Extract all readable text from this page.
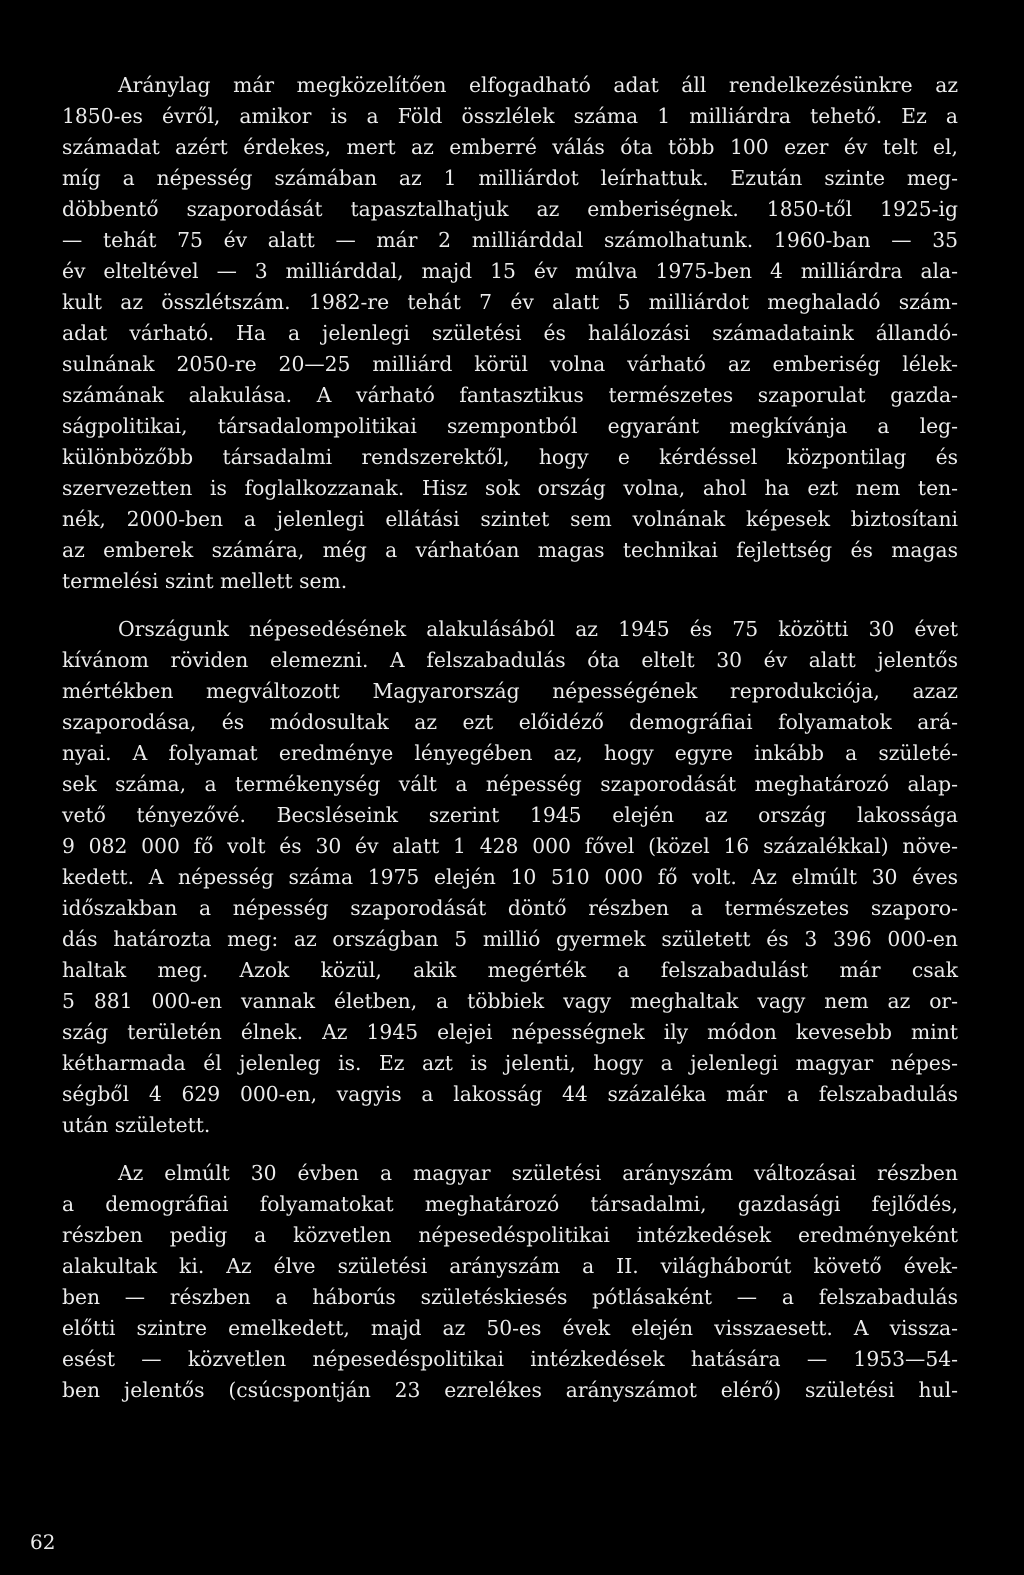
Aránylag már megközelítően elfogadható adat áll rendelkezésünkre az
1850-es évről, amikor is a Föld összlélek száma 1 milliárdra tehető. Ez a
számadat azért érdekes, mert az emberré válás óta több 100 ezer év telt el,
míg a népesség számában az 1 milliárdot leírhattuk. Ezután szinte meg-
döbbentő szaporodását tapasztalhatjuk az emberiségnek. 1850-től 1925-ig
— tehát 75 év alatt — már 2 milliárddal számolhatunk. 1960-ban — 35
év elteltével — 3 milliárddal, majd 15 év múlva 1975-ben 4 milliárdra ala-
kult az összlétszám. 1982-re tehát 7 év alatt 5 milliárdot meghaladó szám-
adat várható. Ha a jelenlegi születési és halálozási számadataink állandó-
sulnának 2050-re 20—25 milliárd körül volna várható az emberiség lélek-
számának alakulása. A várható fantasztikus természetes szaporulat gazda-
ságpolitikai, társadalompolitikai szempontból egyaránt megkívánja a leg-
különbözőbb társadalmi rendszerektől, hogy e kérdéssel központilag és
szervezetten is foglalkozzanak. Hisz sok ország volna, ahol ha ezt nem ten-
nék, 2000-ben a jelenlegi ellátási szintet sem volnának képesek biztosítani
az emberek számára, még a várhatóan magas technikai fejlettség és magas
termelési szint mellett sem.
Országunk népesedésének alakulásából az 1945 és 75 közötti 30 évet
kívánom röviden elemezni. A felszabadulás óta eltelt 30 év alatt jelentős
mértékben megváltozott Magyarország népességének reprodukciója, azaz
szaporodása, és módosultak az ezt előidéző demográfiai folyamatok ará-
nyai. A folyamat eredménye lényegében az, hogy egyre inkább a születé-
sek száma, a termékenység vált a népesség szaporodását meghatározó alap-
vető tényezővé. Becsléseink szerint 1945 elején az ország lakossága
9 082 000 fő volt és 30 év alatt 1 428 000 fővel (közel 16 százalékkal) növe-
kedett. A népesség száma 1975 elején 10 510 000 fő volt. Az elmúlt 30 éves
időszakban a népesség szaporodását döntő részben a természetes szaporo-
dás határozta meg: az országban 5 millió gyermek született és 3 396 000-en
haltak meg. Azok közül, akik megérték a felszabadulást már csak
5 881 000-en vannak életben, a többiek vagy meghaltak vagy nem az or-
szág területén élnek. Az 1945 elejei népességnek ily módon kevesebb mint
kétharmada él jelenleg is. Ez azt is jelenti, hogy a jelenlegi magyar népes-
ségből 4 629 000-en, vagyis a lakosság 44 százaléka már a felszabadulás
után született.
Az elmúlt 30 évben a magyar születési arányszám változásai részben
a demográfiai folyamatokat meghatározó társadalmi, gazdasági fejlődés,
részben pedig a közvetlen népesedéspolitikai intézkedések eredményeként
alakultak ki. Az élve születési arányszám a II. világháborút követő évek-
ben — részben a háborús születéskiesés pótlásaként — a felszabadulás
előtti szintre emelkedett, majd az 50-es évek elején visszaesett. A vissza-
esést — közvetlen népesedéspolitikai intézkedések hatására — 1953—54-
ben jelentős (csúcspontján 23 ezrelékes arányszámot elérő) születési hul-
62
